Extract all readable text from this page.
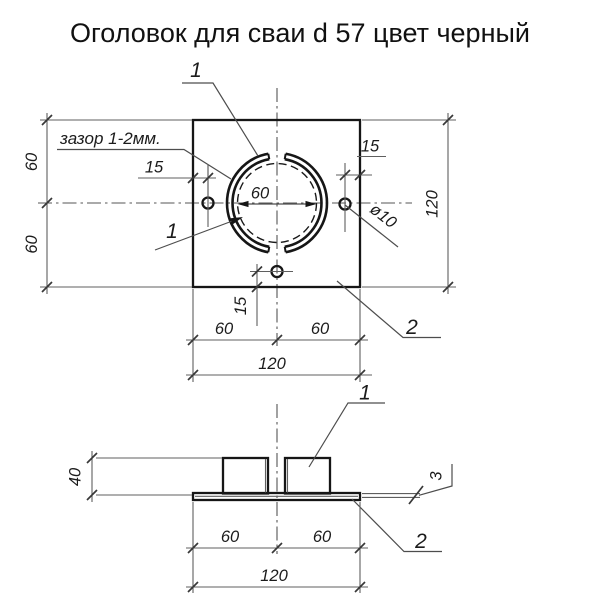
Оголовок для сваи d 57 цвет черный
60
1
1
зазор 1-2мм.
15
15
ø10 120
60
60
15
60	60
120
2
1
3
2
40
60	60
120
